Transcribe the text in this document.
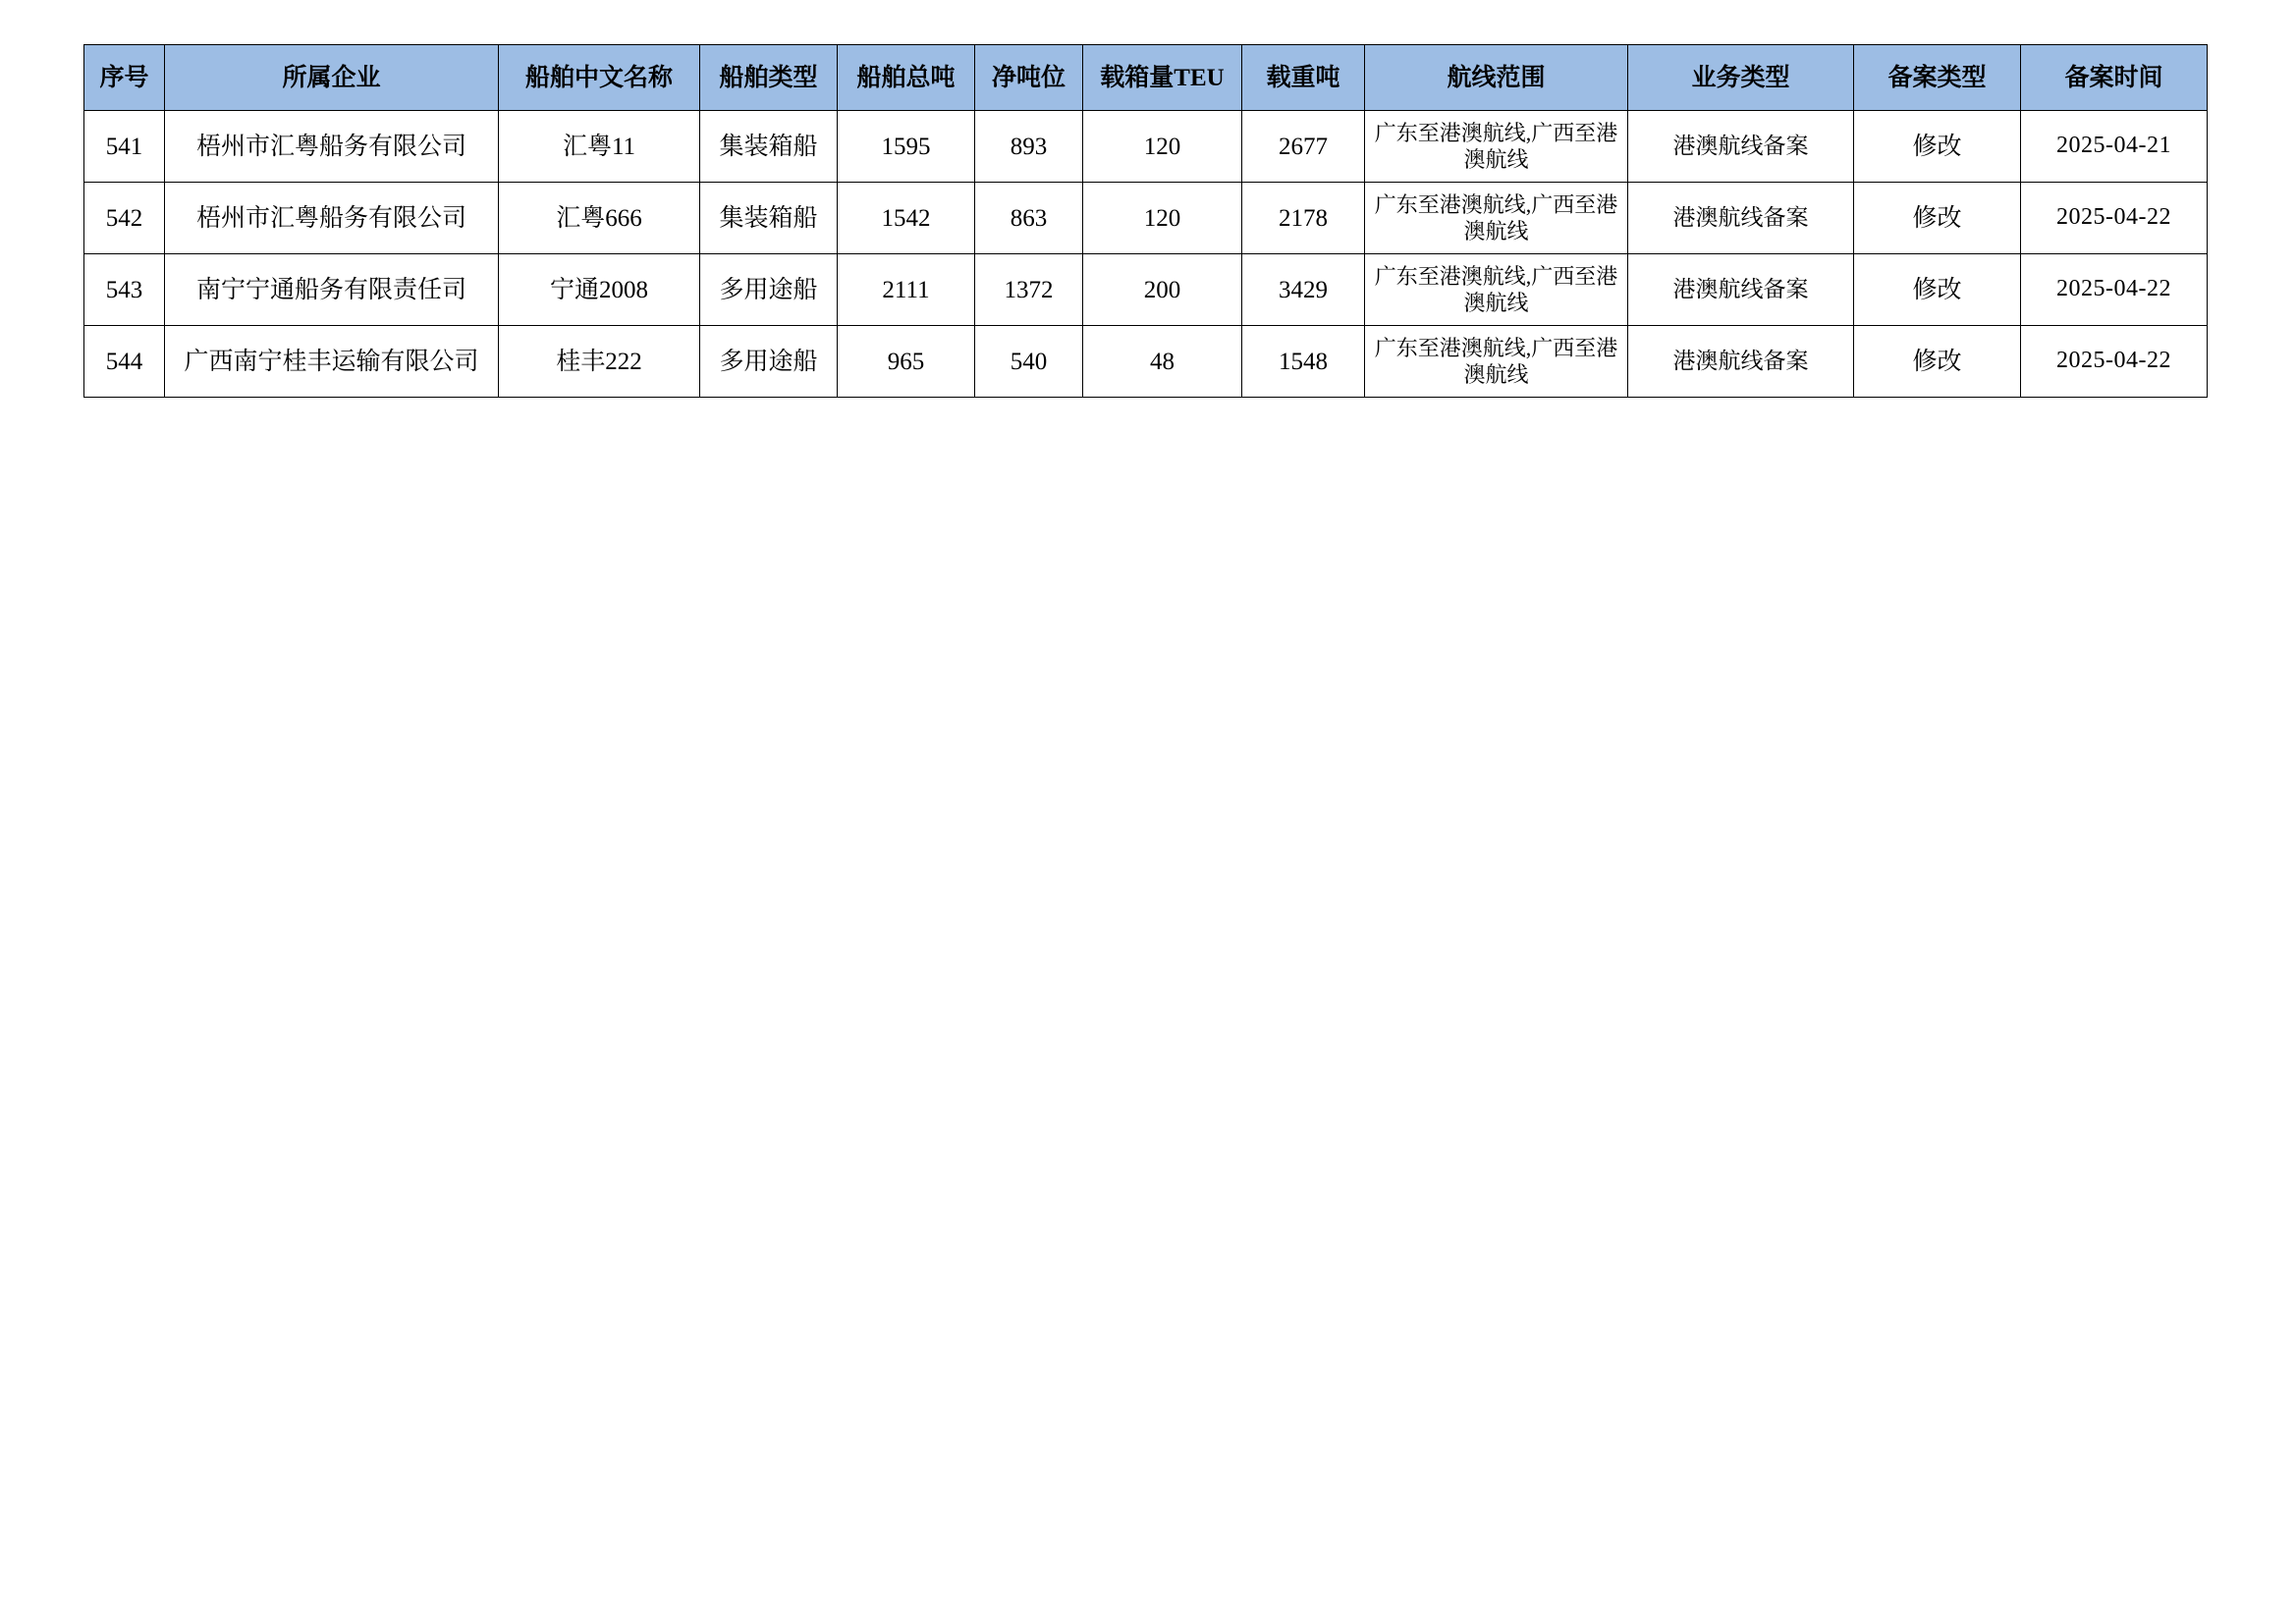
序号	所属企业	船舶中文名称	船舶类型	船舶总吨	净吨位	载箱量TEU	载重吨	航线范围	业务类型	备案类型	备案时间
541	梧州市汇粤船务有限公司	汇粤11	集装箱船	1595	893	120	2677	广东至港澳航线,广西至港澳航线	港澳航线备案	修改	2025-04-21
542	梧州市汇粤船务有限公司	汇粤666	集装箱船	1542	863	120	2178	广东至港澳航线,广西至港澳航线	港澳航线备案	修改	2025-04-22
543	南宁宁通船务有限责任司	宁通2008	多用途船	2111	1372	200	3429	广东至港澳航线,广西至港澳航线	港澳航线备案	修改	2025-04-22
544	广西南宁桂丰运输有限公司	桂丰222	多用途船	965	540	48	1548	广东至港澳航线,广西至港澳航线	港澳航线备案	修改	2025-04-22
